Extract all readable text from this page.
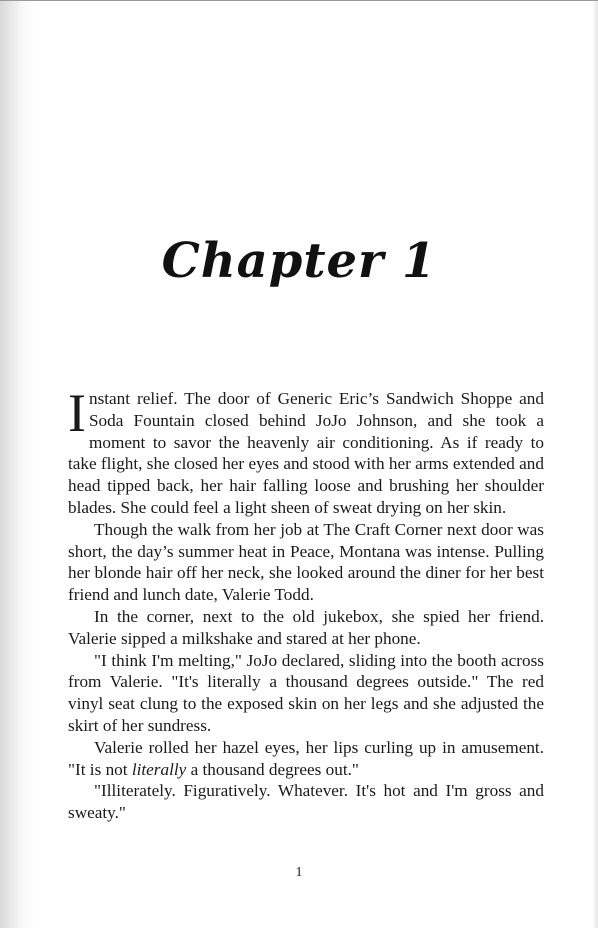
Chapter 1

Instant relief. The door of Generic Eric’s Sandwich Shoppe and Soda Fountain closed behind JoJo Johnson, and she took a moment to savor the heavenly air conditioning. As if ready to take flight, she closed her eyes and stood with her arms extended and head tipped back, her hair falling loose and brushing her shoulder blades. She could feel a light sheen of sweat drying on her skin.

Though the walk from her job at The Craft Corner next door was short, the day’s summer heat in Peace, Montana was intense. Pulling her blonde hair off her neck, she looked around the diner for her best friend and lunch date, Valerie Todd.

In the corner, next to the old jukebox, she spied her friend. Valerie sipped a milkshake and stared at her phone.

"I think I'm melting," JoJo declared, sliding into the booth across from Valerie. "It's literally a thousand degrees outside." The red vinyl seat clung to the exposed skin on her legs and she adjusted the skirt of her sundress.

Valerie rolled her hazel eyes, her lips curling up in amusement. "It is not literally a thousand degrees out."

"Illiterately. Figuratively. Whatever. It's hot and I'm gross and sweaty."

1
